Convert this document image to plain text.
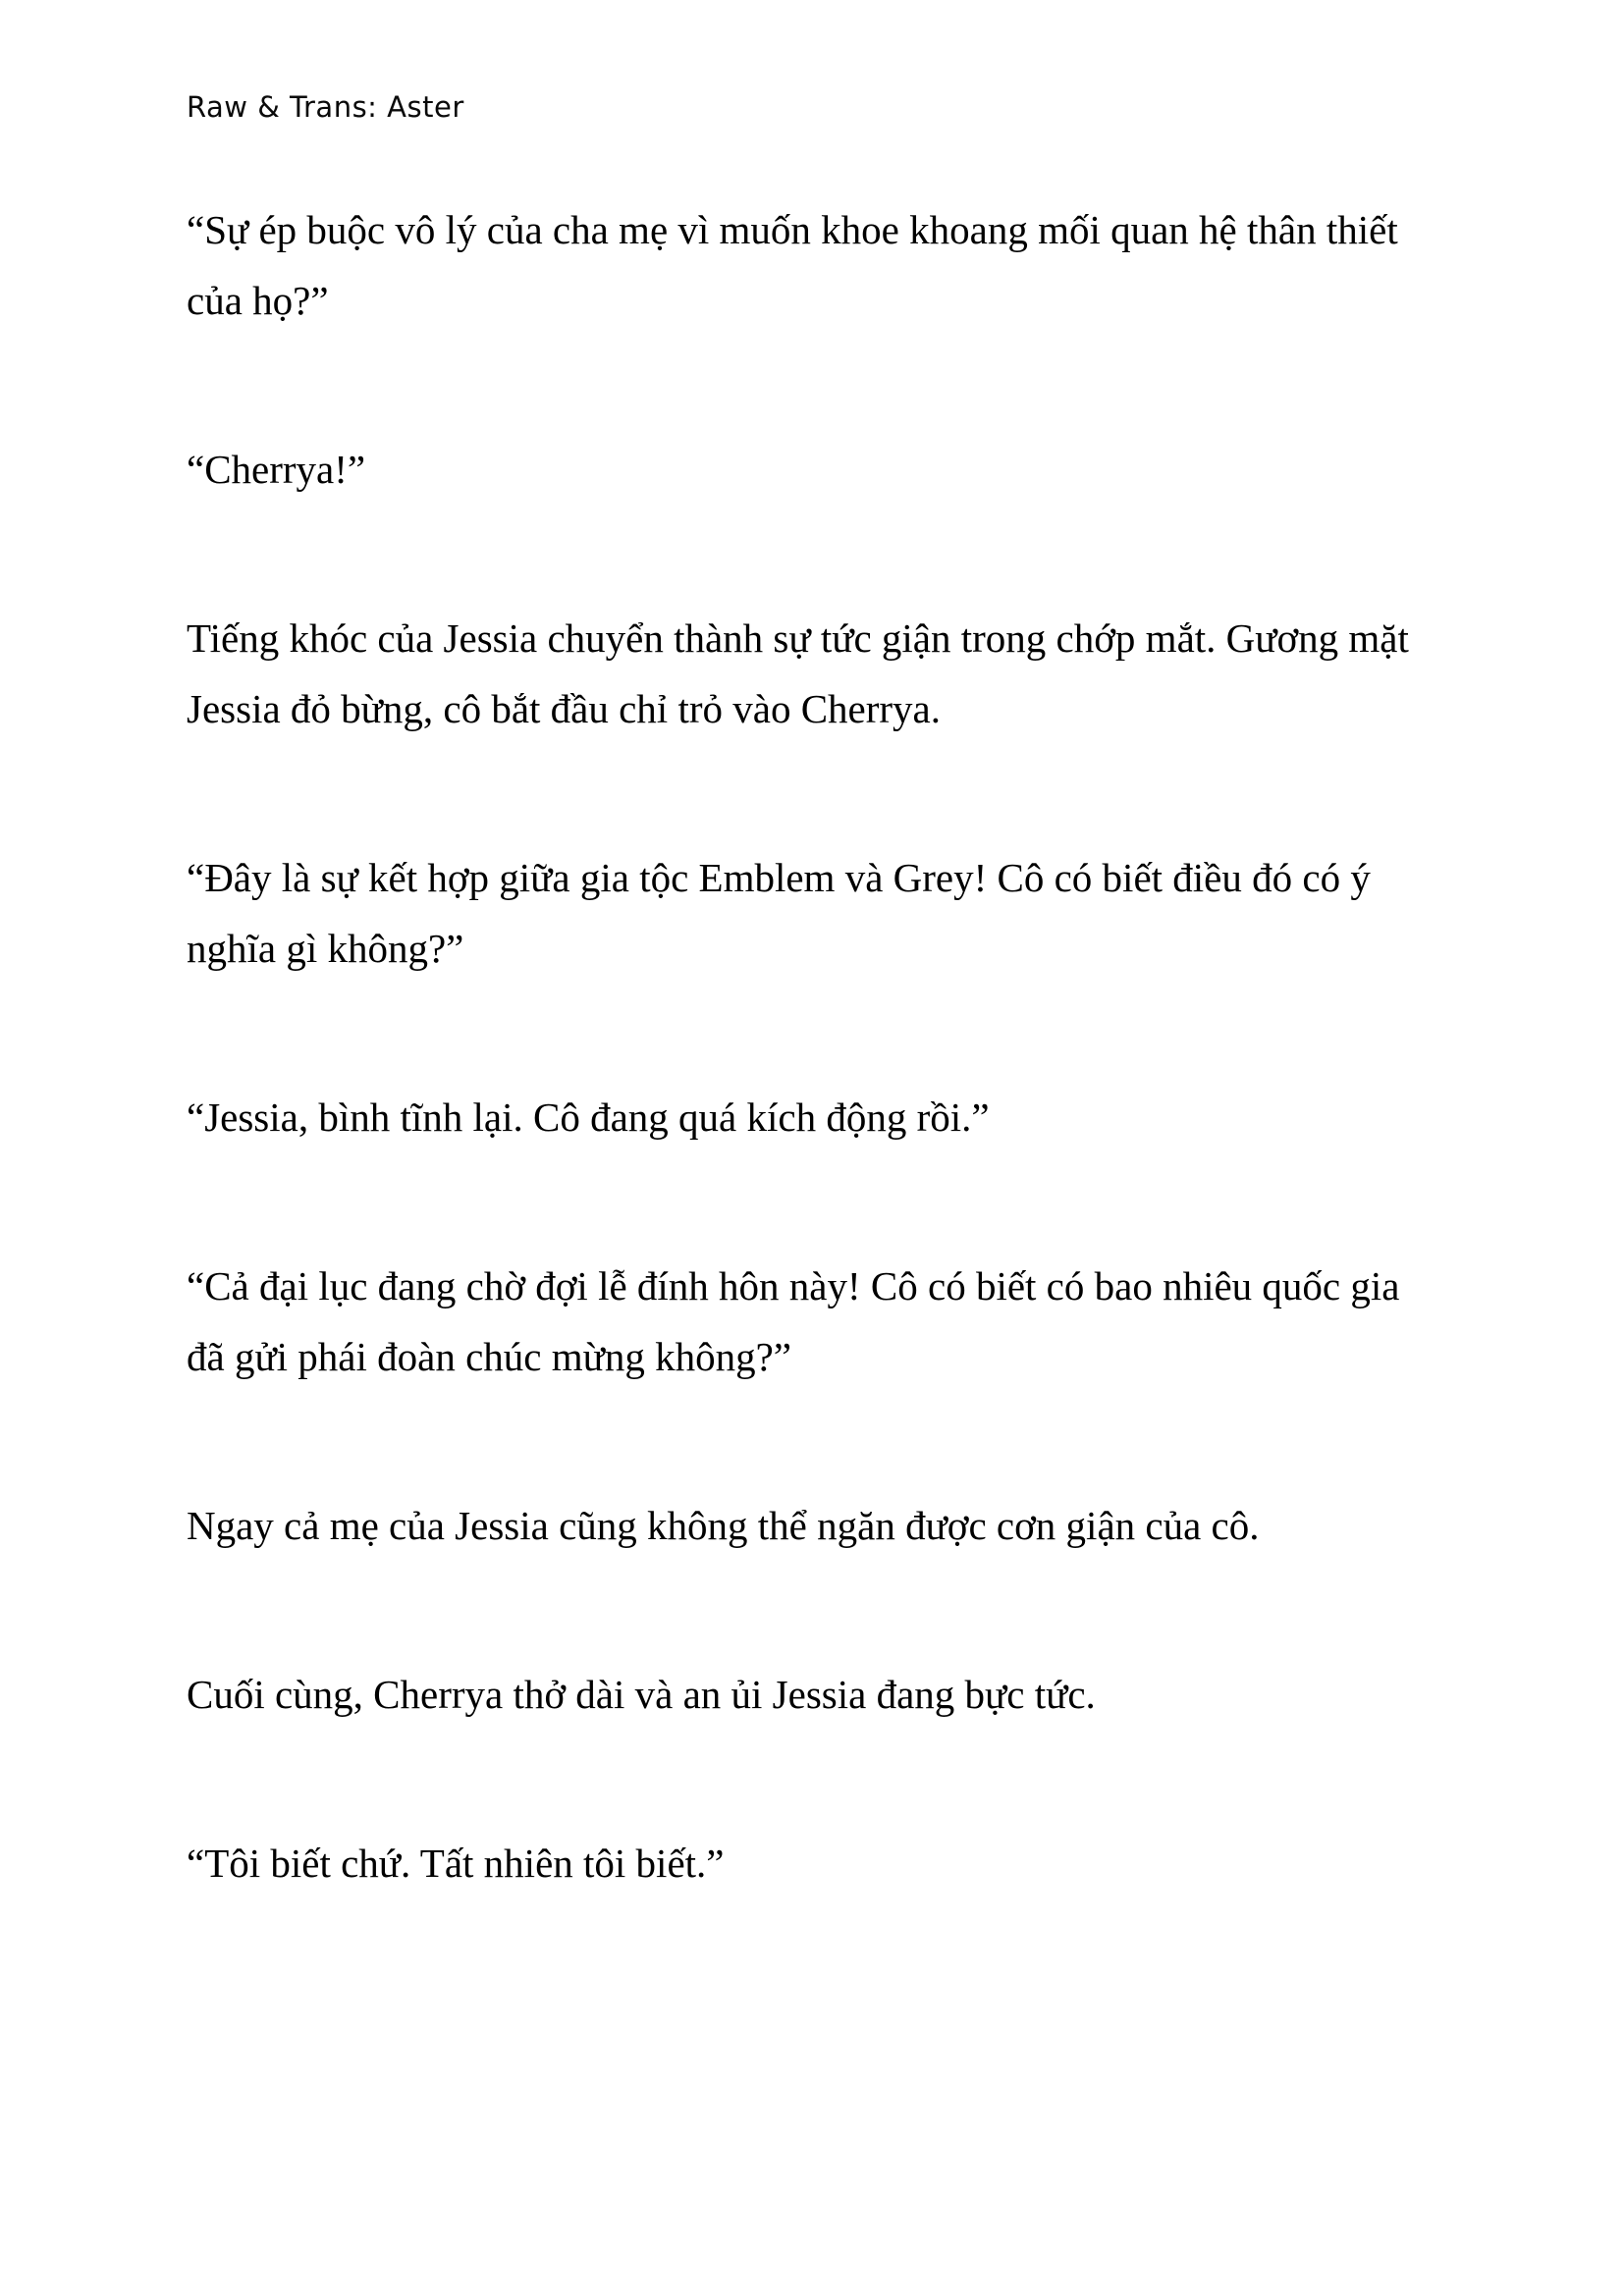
Raw & Trans: Aster

“Sự ép buộc vô lý của cha mẹ vì muốn khoe khoang mối quan hệ thân thiết của họ?”

“Cherrya!”

Tiếng khóc của Jessia chuyển thành sự tức giận trong chớp mắt. Gương mặt Jessia đỏ bừng, cô bắt đầu chỉ trỏ vào Cherrya.

“Đây là sự kết hợp giữa gia tộc Emblem và Grey! Cô có biết điều đó có ý nghĩa gì không?”

“Jessia, bình tĩnh lại. Cô đang quá kích động rồi.”

“Cả đại lục đang chờ đợi lễ đính hôn này! Cô có biết có bao nhiêu quốc gia đã gửi phái đoàn chúc mừng không?”

Ngay cả mẹ của Jessia cũng không thể ngăn được cơn giận của cô.

Cuối cùng, Cherrya thở dài và an ủi Jessia đang bực tức.

“Tôi biết chứ. Tất nhiên tôi biết.”
